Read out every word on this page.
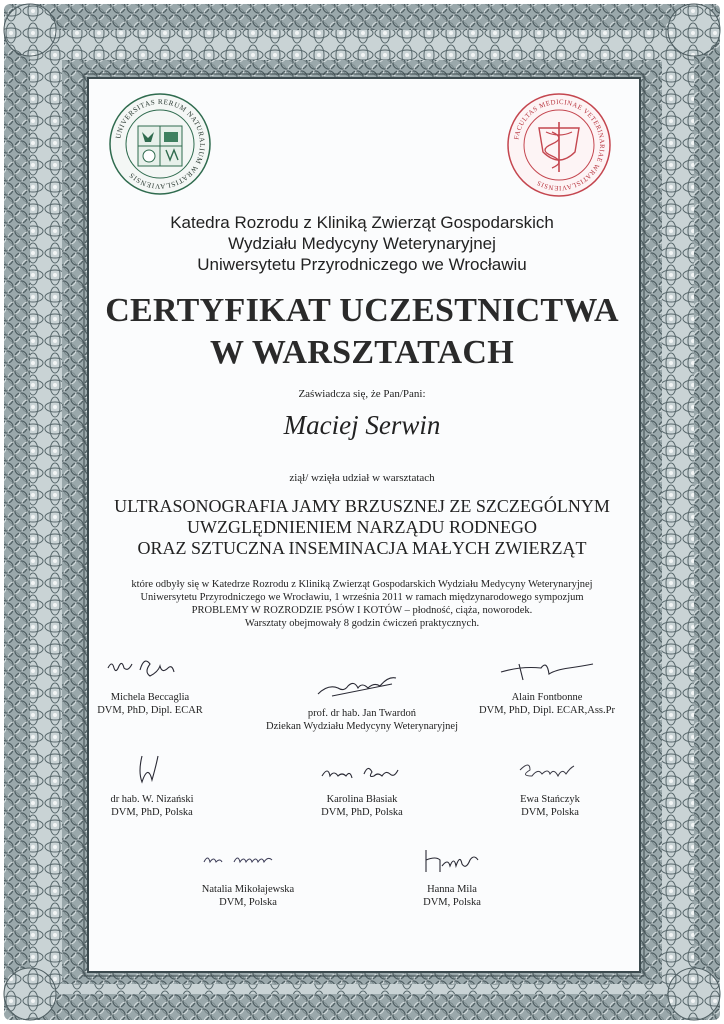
UNIVERSITAS RERUM NATURALIUM WRATISLAVIENSIS
FACULTAS MEDICINAE VETERINARIAE WRATISLAVIENSIS
Katedra Rozrodu z Kliniką Zwierząt Gospodarskich
Wydziału Medycyny Weterynaryjnej
Uniwersytetu Przyrodniczego we Wrocławiu
CERTYFIKAT UCZESTNICTWA
W WARSZTATACH
Zaświadcza się, że Pan/Pani:
Maciej Serwin
ziął/ wzięła udział w warsztatach
ULTRASONOGRAFIA JAMY BRZUSZNEJ ZE SZCZEGÓLNYM
UWZGLĘDNIENIEM NARZĄDU RODNEGO
ORAZ SZTUCZNA INSEMINACJA MAŁYCH ZWIERZĄT
które odbyły się w Katedrze Rozrodu z Kliniką Zwierząt Gospodarskich Wydziału Medycyny Weterynaryjnej
Uniwersytetu Przyrodniczego we Wrocławiu, 1 września 2011 w ramach międzynarodowego sympozjum
PROBLEMY W ROZRODZIE PSÓW I KOTÓW – płodność, ciąża, noworodek.
Warsztaty obejmowały 8 godzin ćwiczeń praktycznych.
Michela Beccaglia
DVM, PhD, Dipl. ECAR	prof. dr hab. Jan Twardoń
Dziekan Wydziału Medycyny Weterynaryjnej
Alain Fontbonne
DVM, PhD, Dipl. ECAR,Ass.Pr
dr hab. W. Nizański
DVM, PhD, Polska
Karolina Błasiak
DVM, PhD, Polska
Ewa Stańczyk
DVM, Polska
Natalia Mikołajewska
DVM, Polska
Hanna Mila
DVM, Polska
